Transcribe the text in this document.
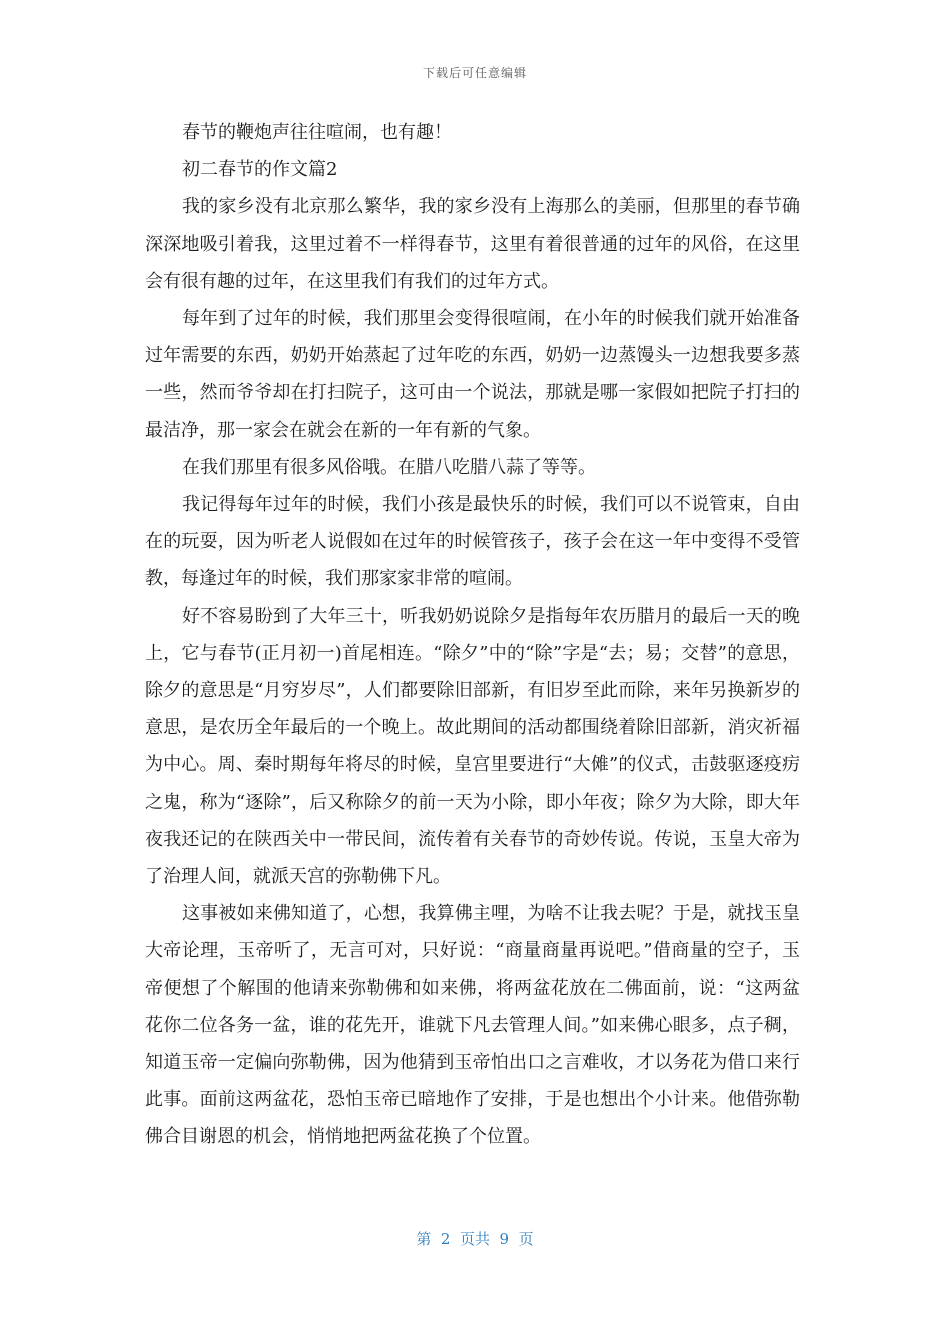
下载后可任意编辑

春节的鞭炮声往往喧闹，也有趣！

初二春节的作文篇2

我的家乡没有北京那么繁华，我的家乡没有上海那么的美丽，但那里的春节确深深地吸引着我，这里过着不一样得春节，这里有着很普通的过年的风俗，在这里会有很有趣的过年，在这里我们有我们的过年方式。

每年到了过年的时候，我们那里会变得很喧闹，在小年的时候我们就开始准备过年需要的东西，奶奶开始蒸起了过年吃的东西，奶奶一边蒸馒头一边想我要多蒸一些，然而爷爷却在打扫院子，这可由一个说法，那就是哪一家假如把院子打扫的最洁净，那一家会在就会在新的一年有新的气象。

在我们那里有很多风俗哦。在腊八吃腊八蒜了等等。

我记得每年过年的时候，我们小孩是最快乐的时候，我们可以不说管束，自由在的玩耍，因为听老人说假如在过年的时候管孩子，孩子会在这一年中变得不受管教，每逢过年的时候，我们那家家非常的喧闹。

好不容易盼到了大年三十，听我奶奶说除夕是指每年农历腊月的最后一天的晚上，它与春节(正月初一)首尾相连。“除夕”中的“除”字是“去；易；交替”的意思，除夕的意思是“月穷岁尽”，人们都要除旧部新，有旧岁至此而除，来年另换新岁的意思，是农历全年最后的一个晚上。故此期间的活动都围绕着除旧部新，消灾祈福为中心。周、秦时期每年将尽的时候，皇宫里要进行“大傩”的仪式，击鼓驱逐疫疠之鬼，称为“逐除”，后又称除夕的前一天为小除，即小年夜；除夕为大除，即大年夜我还记的在陕西关中一带民间，流传着有关春节的奇妙传说。传说，玉皇大帝为了治理人间，就派天宫的弥勒佛下凡。

这事被如来佛知道了，心想，我算佛主哩，为啥不让我去呢？于是，就找玉皇大帝论理，玉帝听了，无言可对，只好说：“商量商量再说吧。”借商量的空子，玉帝便想了个解围的他请来弥勒佛和如来佛，将两盆花放在二佛面前，说：“这两盆花你二位各务一盆，谁的花先开，谁就下凡去管理人间。”如来佛心眼多，点子稠，知道玉帝一定偏向弥勒佛，因为他猜到玉帝怕出口之言难收，才以务花为借口来行此事。面前这两盆花，恐怕玉帝已暗地作了安排，于是也想出个小计来。他借弥勒佛合目谢恩的机会，悄悄地把两盆花换了个位置。

第  2  页共  9  页
